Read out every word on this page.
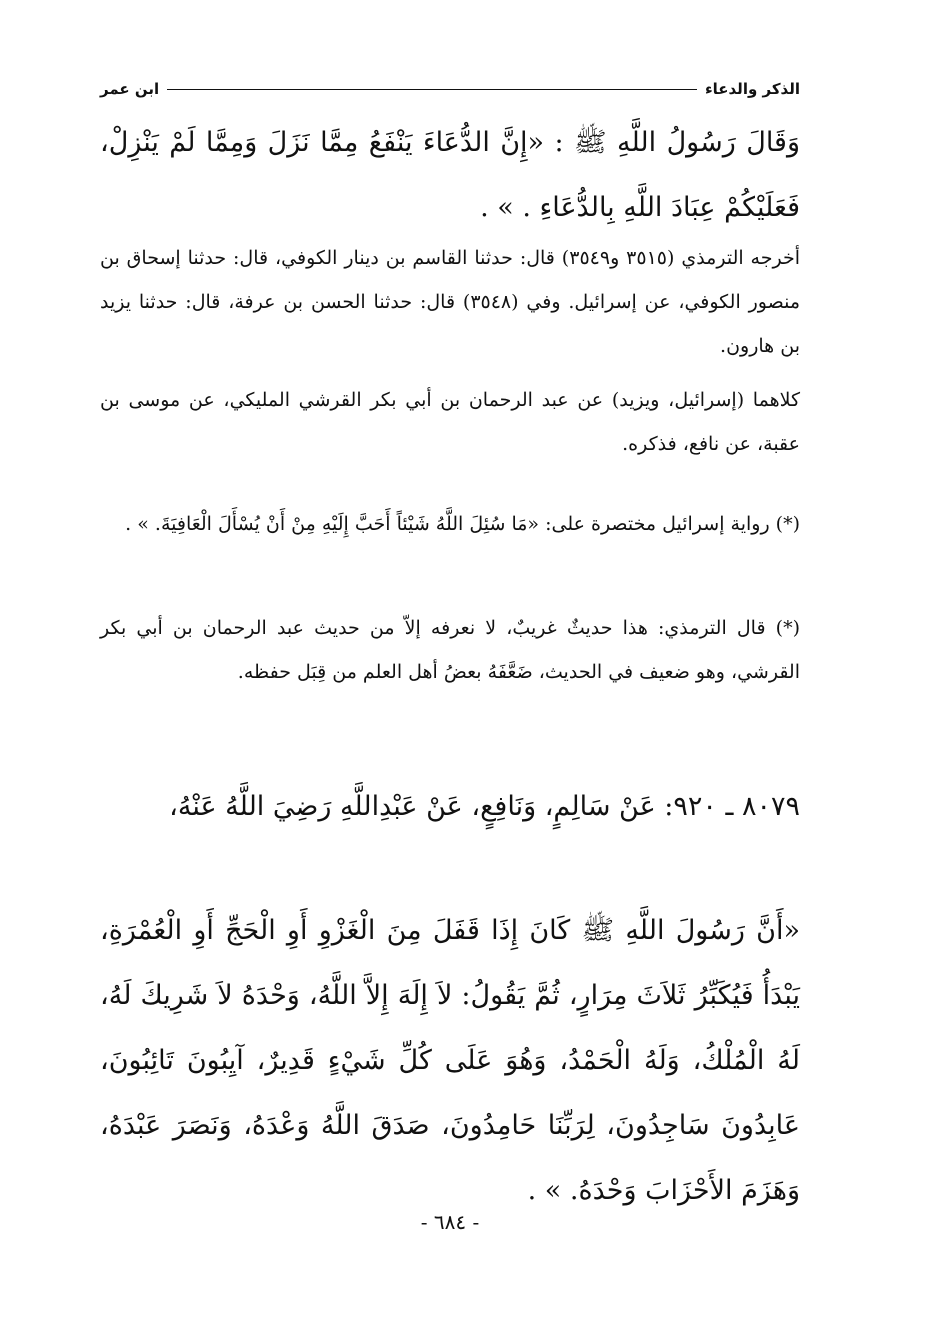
الذكر والدعاء
ابن عمر
وَقَالَ رَسُولُ اللَّهِ ﷺ : «إِنَّ الدُّعَاءَ يَنْفَعُ مِمَّا نَزَلَ وَمِمَّا لَمْ يَنْزِلْ، فَعَلَيْكُمْ عِبَادَ اللَّهِ بِالدُّعَاءِ . » .
أخرجه الترمذي (٣٥١٥ و٣٥٤٩) قال: حدثنا القاسم بن دينار الكوفي، قال: حدثنا إسحاق بن منصور الكوفي، عن إسرائيل. وفي (٣٥٤٨) قال: حدثنا الحسن بن عرفة، قال: حدثنا يزيد بن هارون.
كلاهما (إسرائيل، ويزيد) عن عبد الرحمان بن أبي بكر القرشي المليكي، عن موسى بن عقبة، عن نافع، فذكره.
(*) رواية إسرائيل مختصرة على: «مَا سُئِلَ اللَّهُ شَيْئاً أَحَبَّ إِلَيْهِ مِنْ أَنْ يُسْأَلَ الْعَافِيَةَ. » .
(*) قال الترمذي: هذا حديثٌ غريبٌ، لا نعرفه إلاّ من حديث عبد الرحمان بن أبي بكر القرشي، وهو ضعيف في الحديث، ضَعَّفَهُ بعضُ أهل العلم من قِبَل حفظه.
٨٠٧٩ ـ ٩٢٠: عَنْ سَالِمٍ، وَنَافِعٍ، عَنْ عَبْدِاللَّهِ رَضِيَ اللَّهُ عَنْهُ،
«أَنَّ رَسُولَ اللَّهِ ﷺ كَانَ إِذَا قَفَلَ مِنَ الْغَزْوِ أَوِ الْحَجِّ أَوِ الْعُمْرَةِ، يَبْدَأُ فَيُكَبِّرُ ثَلاَثَ مِرَارٍ، ثُمَّ يَقُولُ: لاَ إِلَهَ إِلاَّ اللَّهُ، وَحْدَهُ لاَ شَرِيكَ لَهُ، لَهُ الْمُلْكُ، وَلَهُ الْحَمْدُ، وَهُوَ عَلَى كُلِّ شَيْءٍ قَدِيرٌ، آيِبُونَ تَائِبُونَ، عَابِدُونَ سَاجِدُونَ، لِرَبِّنَا حَامِدُونَ، صَدَقَ اللَّهُ وَعْدَهُ، وَنَصَرَ عَبْدَهُ، وَهَزَمَ الأَحْزَابَ وَحْدَهُ. » .
- ٦٨٤ -
